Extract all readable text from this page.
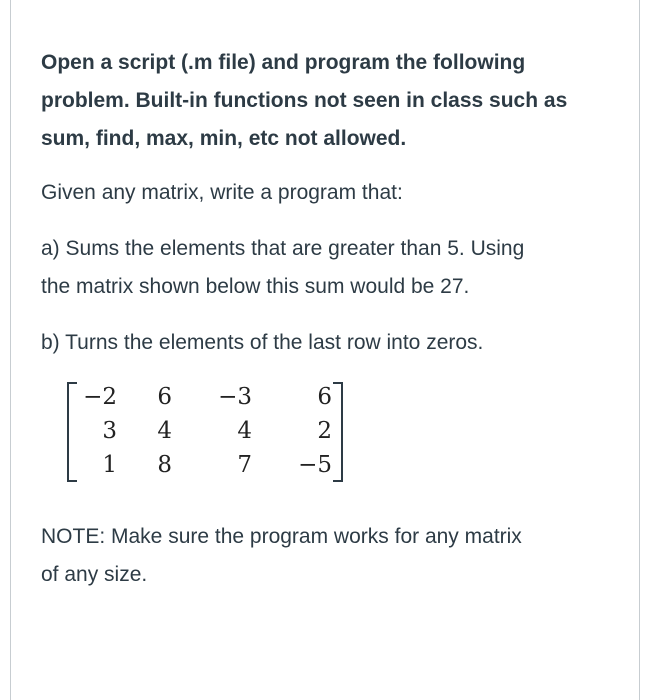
Open a script (.m file) and program the following
problem. Built-in functions not seen in class such as
sum, find, max, min, etc not allowed.
Given any matrix, write a program that:
a) Sums the elements that are greater than 5. Using
the matrix shown below this sum would be 27.
b) Turns the elements of the last row into zeros.
−2	6	−3	6
3	4	4	2
1	8	7	−5
NOTE: Make sure the program works for any matrix
of any size.
